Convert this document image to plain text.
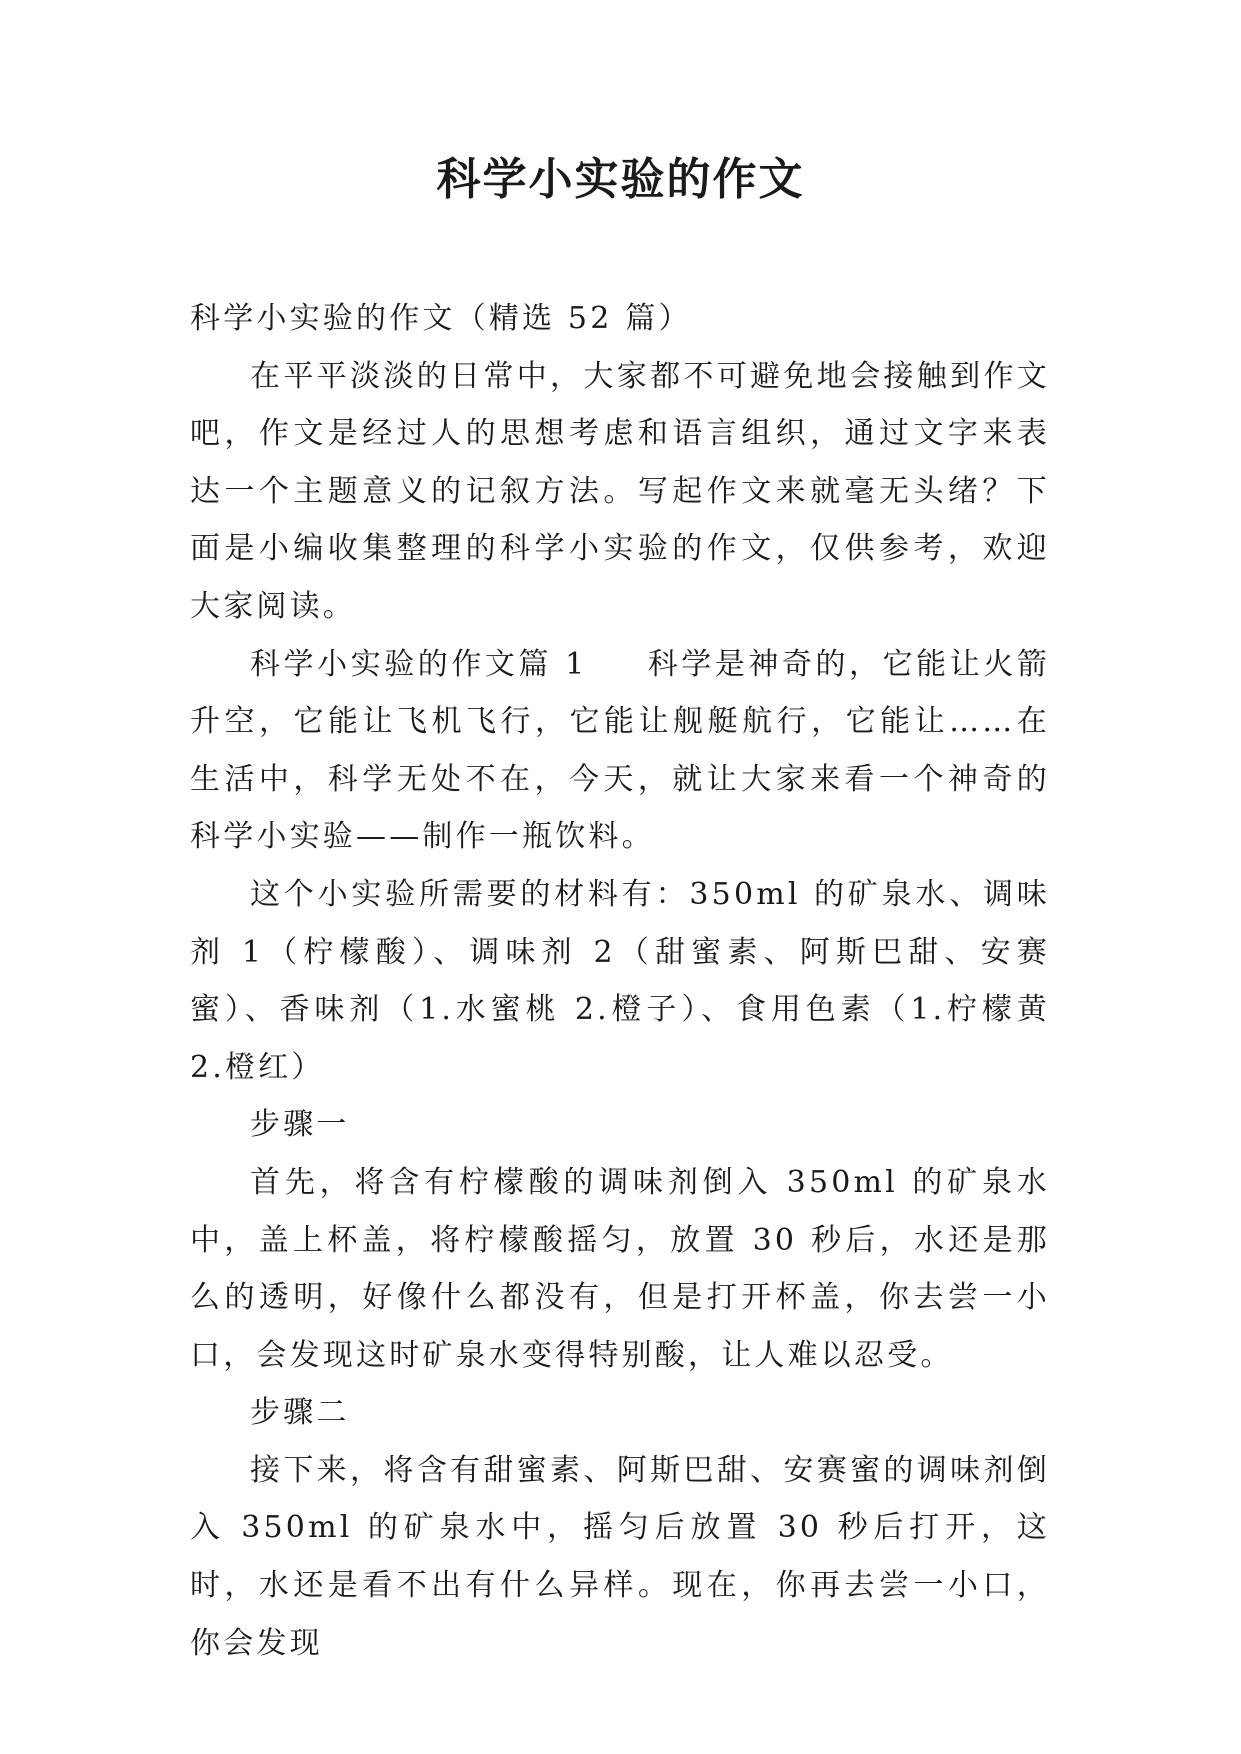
科学小实验的作文

科学小实验的作文（精选 52 篇）

在平平淡淡的日常中，大家都不可避免地会接触到作文吧，作文是经过人的思想考虑和语言组织，通过文字来表达一个主题意义的记叙方法。写起作文来就毫无头绪？下面是小编收集整理的科学小实验的作文，仅供参考，欢迎大家阅读。

科学小实验的作文篇 1 科学是神奇的，它能让火箭升空，它能让飞机飞行，它能让舰艇航行，它能让……在生活中，科学无处不在，今天，就让大家来看一个神奇的科学小实验——制作一瓶饮料。

这个小实验所需要的材料有：350ml 的矿泉水、调味剂 1（柠檬酸）、调味剂 2（甜蜜素、阿斯巴甜、安赛蜜）、香味剂（1.水蜜桃 2.橙子）、食用色素（1.柠檬黄 2.橙红）

步骤一

首先，将含有柠檬酸的调味剂倒入 350ml 的矿泉水中，盖上杯盖，将柠檬酸摇匀，放置 30 秒后，水还是那么的透明，好像什么都没有，但是打开杯盖，你去尝一小口，会发现这时矿泉水变得特别酸，让人难以忍受。

步骤二

接下来，将含有甜蜜素、阿斯巴甜、安赛蜜的调味剂倒入 350ml 的矿泉水中，摇匀后放置 30 秒后打开，这时，水还是看不出有什么异样。现在，你再去尝一小口，你会发现
